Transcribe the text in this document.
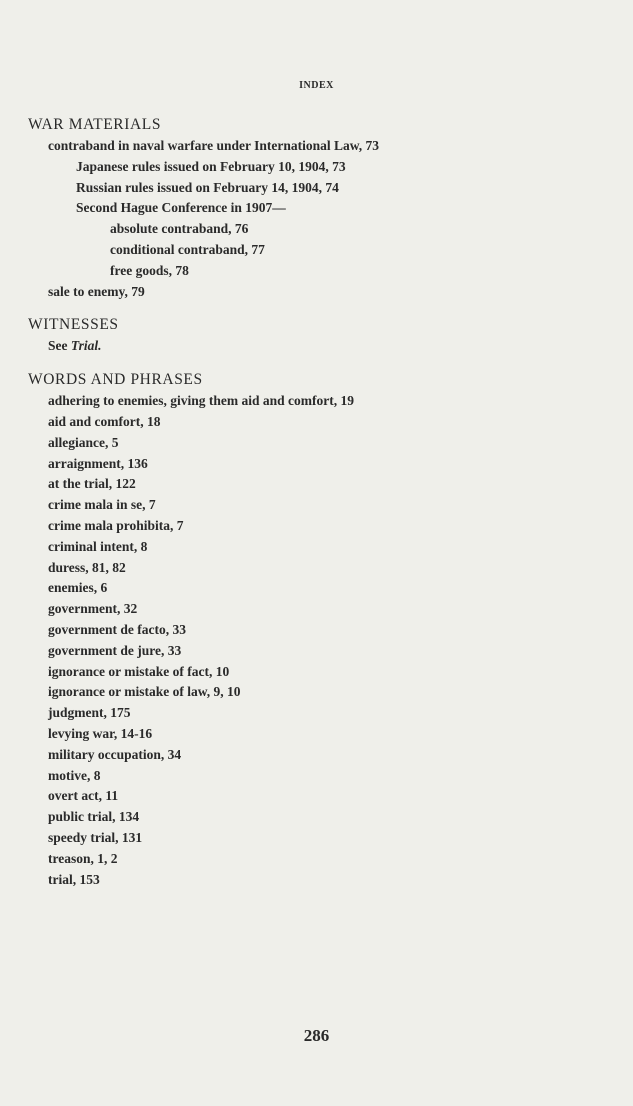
INDEX
WAR MATERIALS
contraband in naval warfare under International Law, 73
Japanese rules issued on February 10, 1904, 73
Russian rules issued on February 14, 1904, 74
Second Hague Conference in 1907—
absolute contraband, 76
conditional contraband, 77
free goods, 78
sale to enemy, 79
WITNESSES
See Trial.
WORDS AND PHRASES
adhering to enemies, giving them aid and comfort, 19
aid and comfort, 18
allegiance, 5
arraignment, 136
at the trial, 122
crime mala in se, 7
crime mala prohibita, 7
criminal intent, 8
duress, 81, 82
enemies, 6
government, 32
government de facto, 33
government de jure, 33
ignorance or mistake of fact, 10
ignorance or mistake of law, 9, 10
judgment, 175
levying war, 14-16
military occupation, 34
motive, 8
overt act, 11
public trial, 134
speedy trial, 131
treason, 1, 2
trial, 153
286
